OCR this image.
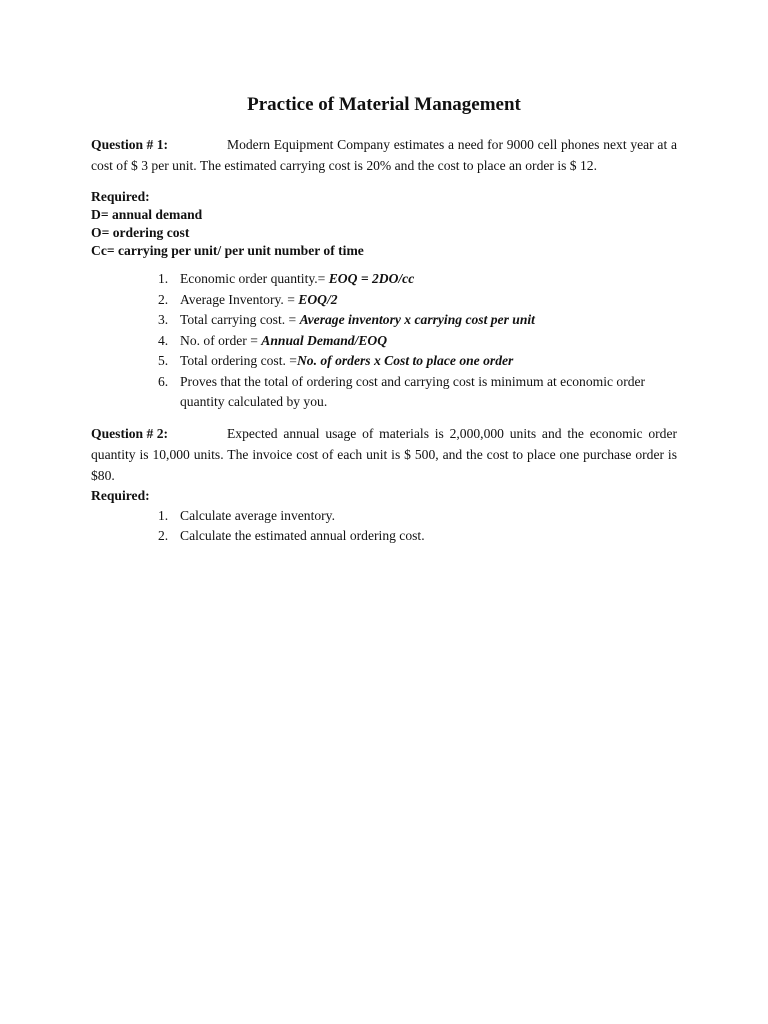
Practice of Material Management

Question # 1:	Modern Equipment Company estimates a need for 9000 cell phones next year at a cost of $ 3 per unit. The estimated carrying cost is 20% and the cost to place an order is $ 12.

Required:
D= annual demand
O= ordering cost
Cc= carrying per unit/ per unit number of time
1. Economic order quantity.= EOQ = 2DO/cc
2. Average Inventory. = EOQ/2
3. Total carrying cost. = Average inventory x carrying cost per unit
4. No. of order = Annual Demand/EOQ
5. Total ordering cost. =No. of orders x Cost to place one order
6. Proves that the total of ordering cost and carrying cost is minimum at economic order quantity calculated by you.

Question # 2:	Expected annual usage of materials is 2,000,000 units and the economic order quantity is 10,000 units. The invoice cost of each unit is $ 500, and the cost to place one purchase order is $80.

Required:
1. Calculate average inventory.
2. Calculate the estimated annual ordering cost.
